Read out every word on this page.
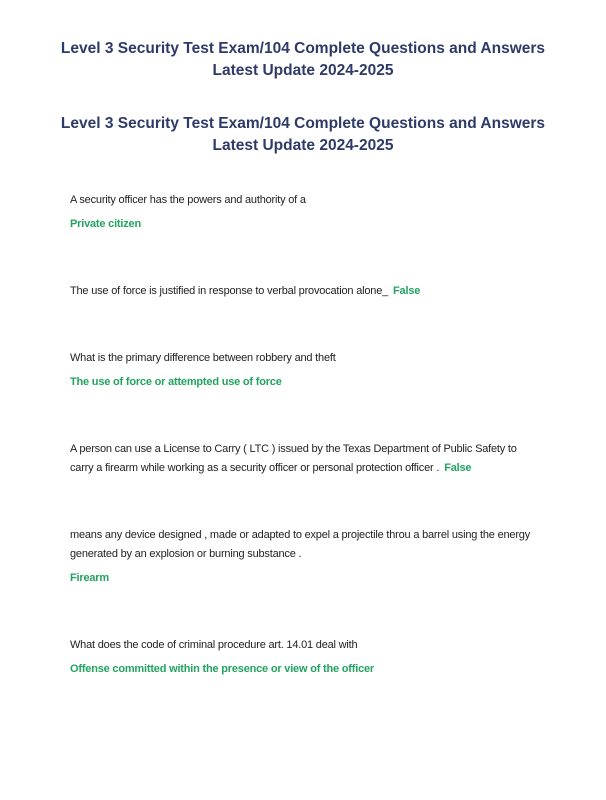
Level 3 Security Test Exam/104 Complete Questions and Answers Latest Update 2024-2025
Level 3 Security Test Exam/104 Complete Questions and Answers Latest Update 2024-2025

A security officer has the powers and authority of a

Private citizen

The use of force is justified in response to verbal provocation alone_ False

What is the primary difference between robbery and theft

The use of force or attempted use of force

A person can use a License to Carry ( LTC ) issued by the Texas Department of Public Safety to carry a firearm while working as a security officer or personal protection officer . False

means any device designed , made or adapted to expel a projectile throu a barrel using the energy generated by an explosion or burning substance .

Firearm

What does the code of criminal procedure art. 14.01 deal with

Offense committed within the presence or view of the officer
